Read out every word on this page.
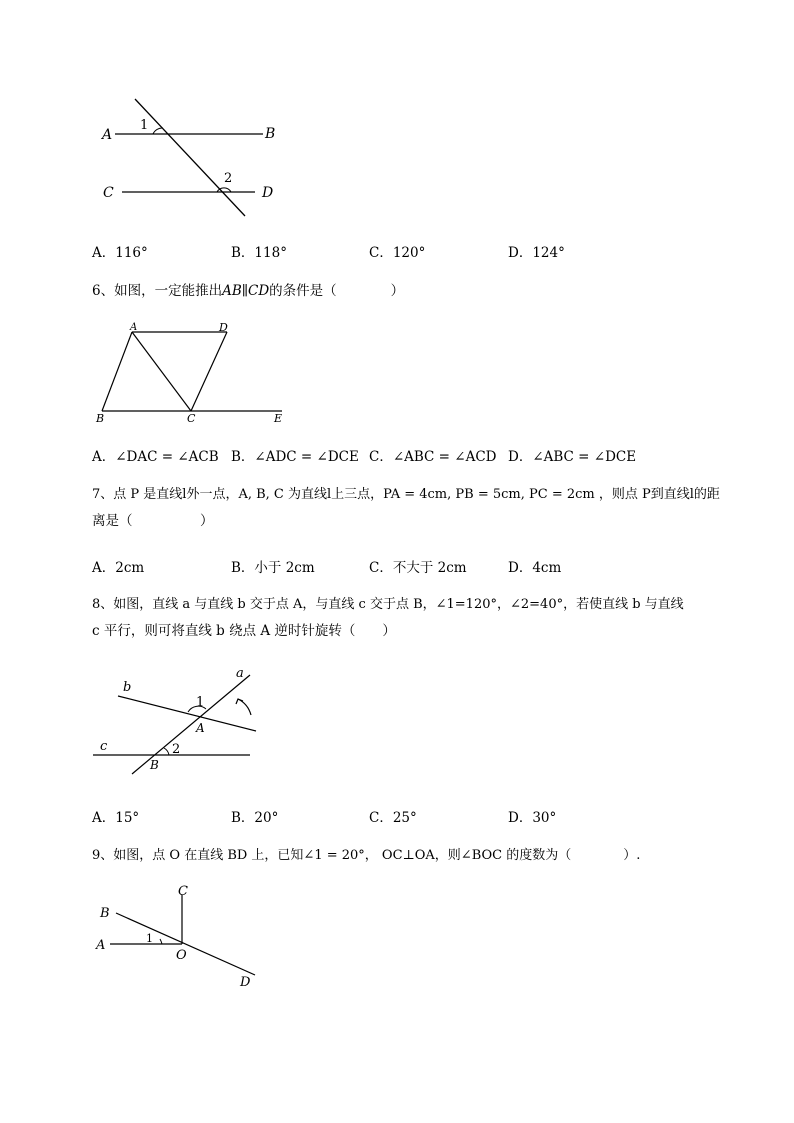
A	B
C	D
1
2
A．116°	B．118°	C．120°	D．124°
6、如图，一定能推出AB∥CD的条件是（　　　　）
A	D
B	C	E
A．∠DAC = ∠ACB B．∠ADC = ∠DCE C．∠ABC = ∠ACD D．∠ABC = ∠DCE
7、点 P 是直线l外一点，A, B, C 为直线l上三点，PA = 4cm, PB = 5cm, PC = 2cm ，则点 P到直线l的距
离是（　　　　　）
A．2cm	B．小于 2cm	C．不大于 2cm	D．4cm
8、如图，直线 a 与直线 b 交于点 A，与直线 c 交于点 B，∠1=120°，∠2=40°，若使直线 b 与直线
c 平行，则可将直线 b 绕点 A 逆时针旋转（　　）
a
b
c
A
B
1
2
A．15°	B．20°	C．25°	D．30°
9、如图，点 O 在直线 BD 上，已知∠1 = 20°， OC⊥OA，则∠BOC 的度数为（　　　　）.
C
B
A
O
D
1
